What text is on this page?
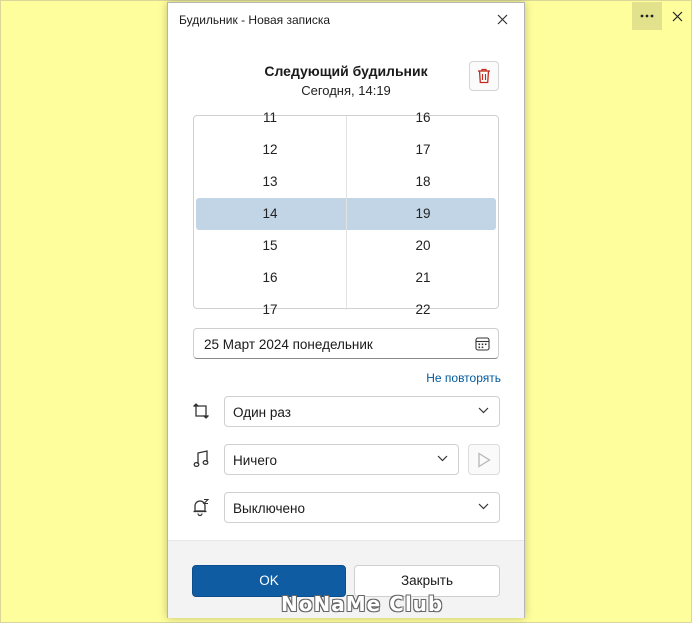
Будильник - Новая записка
Следующий будильник
Сегодня, 14:19
11
12
13
14
15
16
17
16
17
18
19
20
21
22
25 Март 2024 понедельник
Не повторять
Один раз
Ничего
Выключено
OK	Закрыть
NoNaMe Club
